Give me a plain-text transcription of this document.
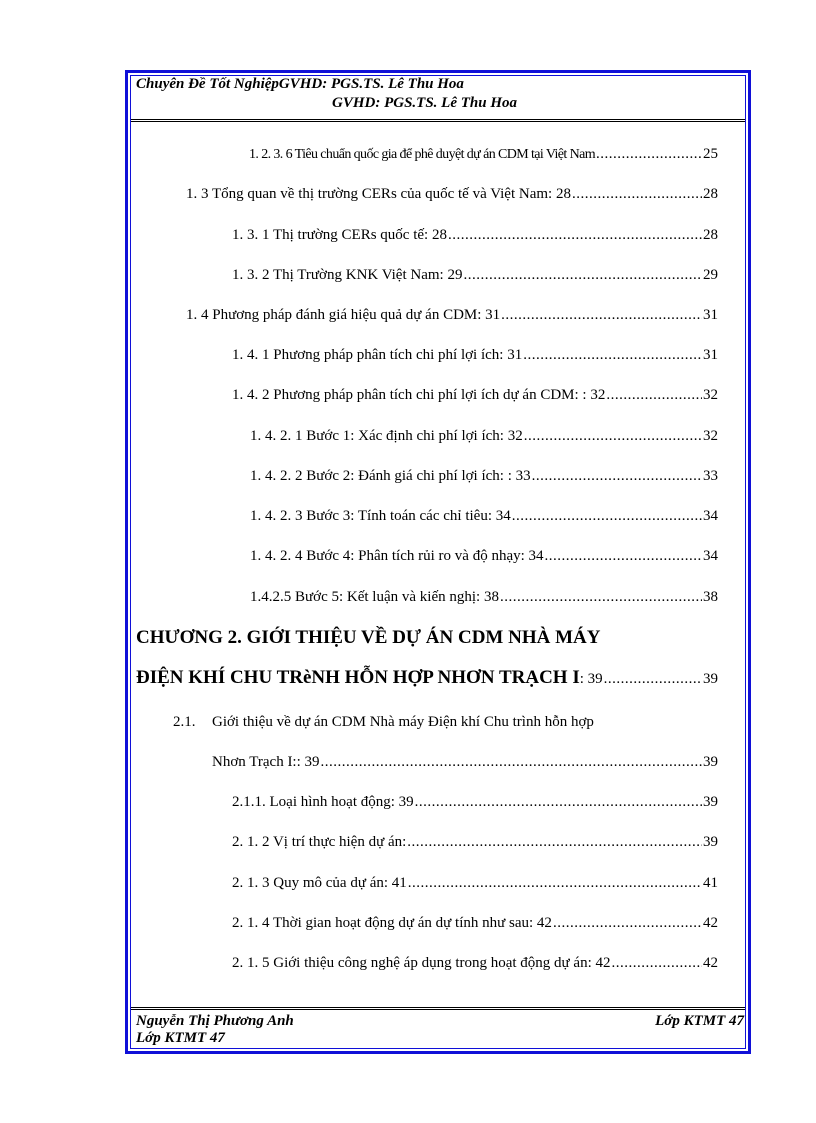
Chuyên Đề Tốt NghiệpGVHD: PGS.TS. Lê Thu Hoa
GVHD: PGS.TS. Lê Thu Hoa
1. 2. 3. 6 Tiêu chuẩn quốc gia để phê duyệt dự án CDM tại Việt Nam .....	25
1. 3 Tổng quan về thị trường CERs của quốc tế và Việt Nam: 28 .....	28
1. 3. 1 Thị trường CERs quốc tế: 28 .....	28
1. 3. 2 Thị Trường KNK Việt Nam: 29 .....	29
1. 4 Phương pháp đánh giá hiệu quả dự án CDM: 31 .....	31
1. 4. 1 Phương pháp phân tích chi phí lợi ích: 31 .....	31
1. 4. 2 Phương pháp phân tích chi phí lợi ích dự án CDM: : 32 .....	32
1. 4. 2. 1 Bước 1: Xác định chi phí lợi ích: 32 .....	32
1. 4. 2. 2 Bước 2: Đánh giá chi phí lợi ích: : 33 .....	33
1. 4. 2. 3 Bước 3: Tính toán các chỉ tiêu: 34 .....	34
1. 4. 2. 4 Bước 4: Phân tích rủi ro và độ nhạy: 34 .....	34
1.4.2.5 Bước 5: Kết luận và kiến nghị: 38 .....	38
CHƯƠNG 2. GIỚI THIỆU VỀ DỰ ÁN CDM NHÀ MÁY
ĐIỆN KHÍ CHU TRèNH HỖN HỢP NHƠN TRẠCH I : 39 .....	39
2.1. Giới thiệu về dự án CDM Nhà máy Điện khí Chu trình hỗn hợp
Nhơn Trạch I:: 39 .....	39
2.1.1. Loại hình hoạt động: 39 .....	39
2. 1. 2 Vị trí thực hiện dự án: .....	39
2. 1. 3 Quy mô của dự án: 41 .....	41
2. 1. 4 Thời gian hoạt động dự án dự tính như sau: 42 .....	42
2. 1. 5 Giới thiệu công nghệ áp dụng trong hoạt động dự án: 42 .....	42
Nguyễn Thị Phương Anh
Lớp KTMT 47
Lớp KTMT 47
